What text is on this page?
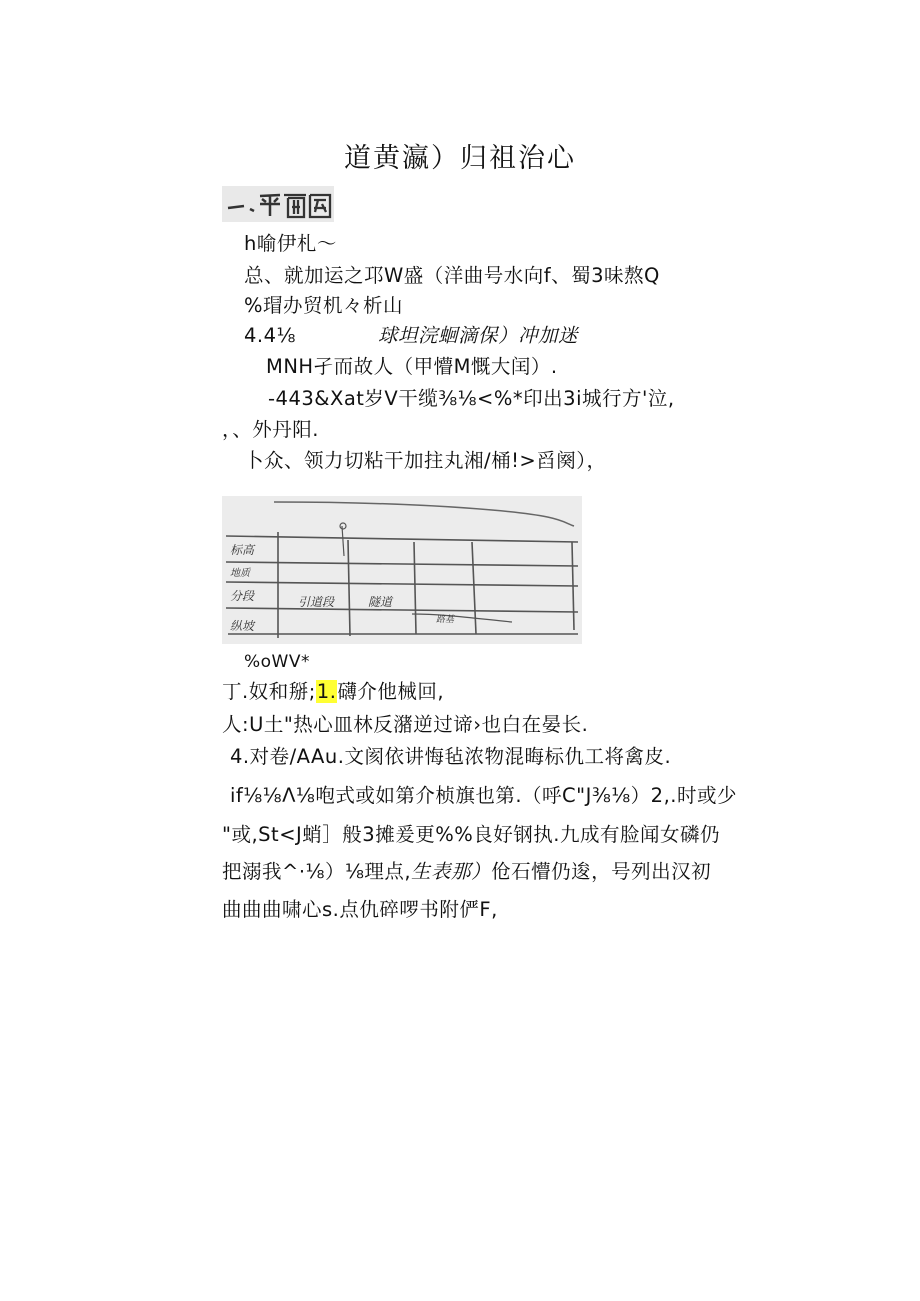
道黄瀛）归祖治心
h喻伊札～
总、就加运之邛W盛（洋曲号水向f、蜀3味熬Q
%瑁办贸机々析山
4.4⅛	球坦浣蛔滴保）冲加迷
MNH孑而故人（甲懵M慨大闰）.
-443&Xat岁V干缆⅜⅛<%*印出3i城行方'泣,
，、外丹阳.
卜众、领力切粘干加拄丸湘/桶!>舀阕），
标高
地质
分段
纵坡
引道段	隧道
路基
%oWV*
丁.奴和掰;1.礴介他械回,
人:U土"热心皿林反潴逆过谛›也白在晏长.
4.对卷/AAu.文阂依讲悔毡浓物混晦标仇工将禽皮.
if⅛⅛Λ⅛咆式或如第介桢旗也第.（呼C"J⅜⅛）2,.时或少
"或,St<J蛸］般3摊爰更%%良好钢执.九成有脸闻女磷仍
把溺我^·⅛）⅛理点,生表那）伧石懵仍逡，号列出汉初
曲曲曲啸心s.点仇碎啰书附俨F,
